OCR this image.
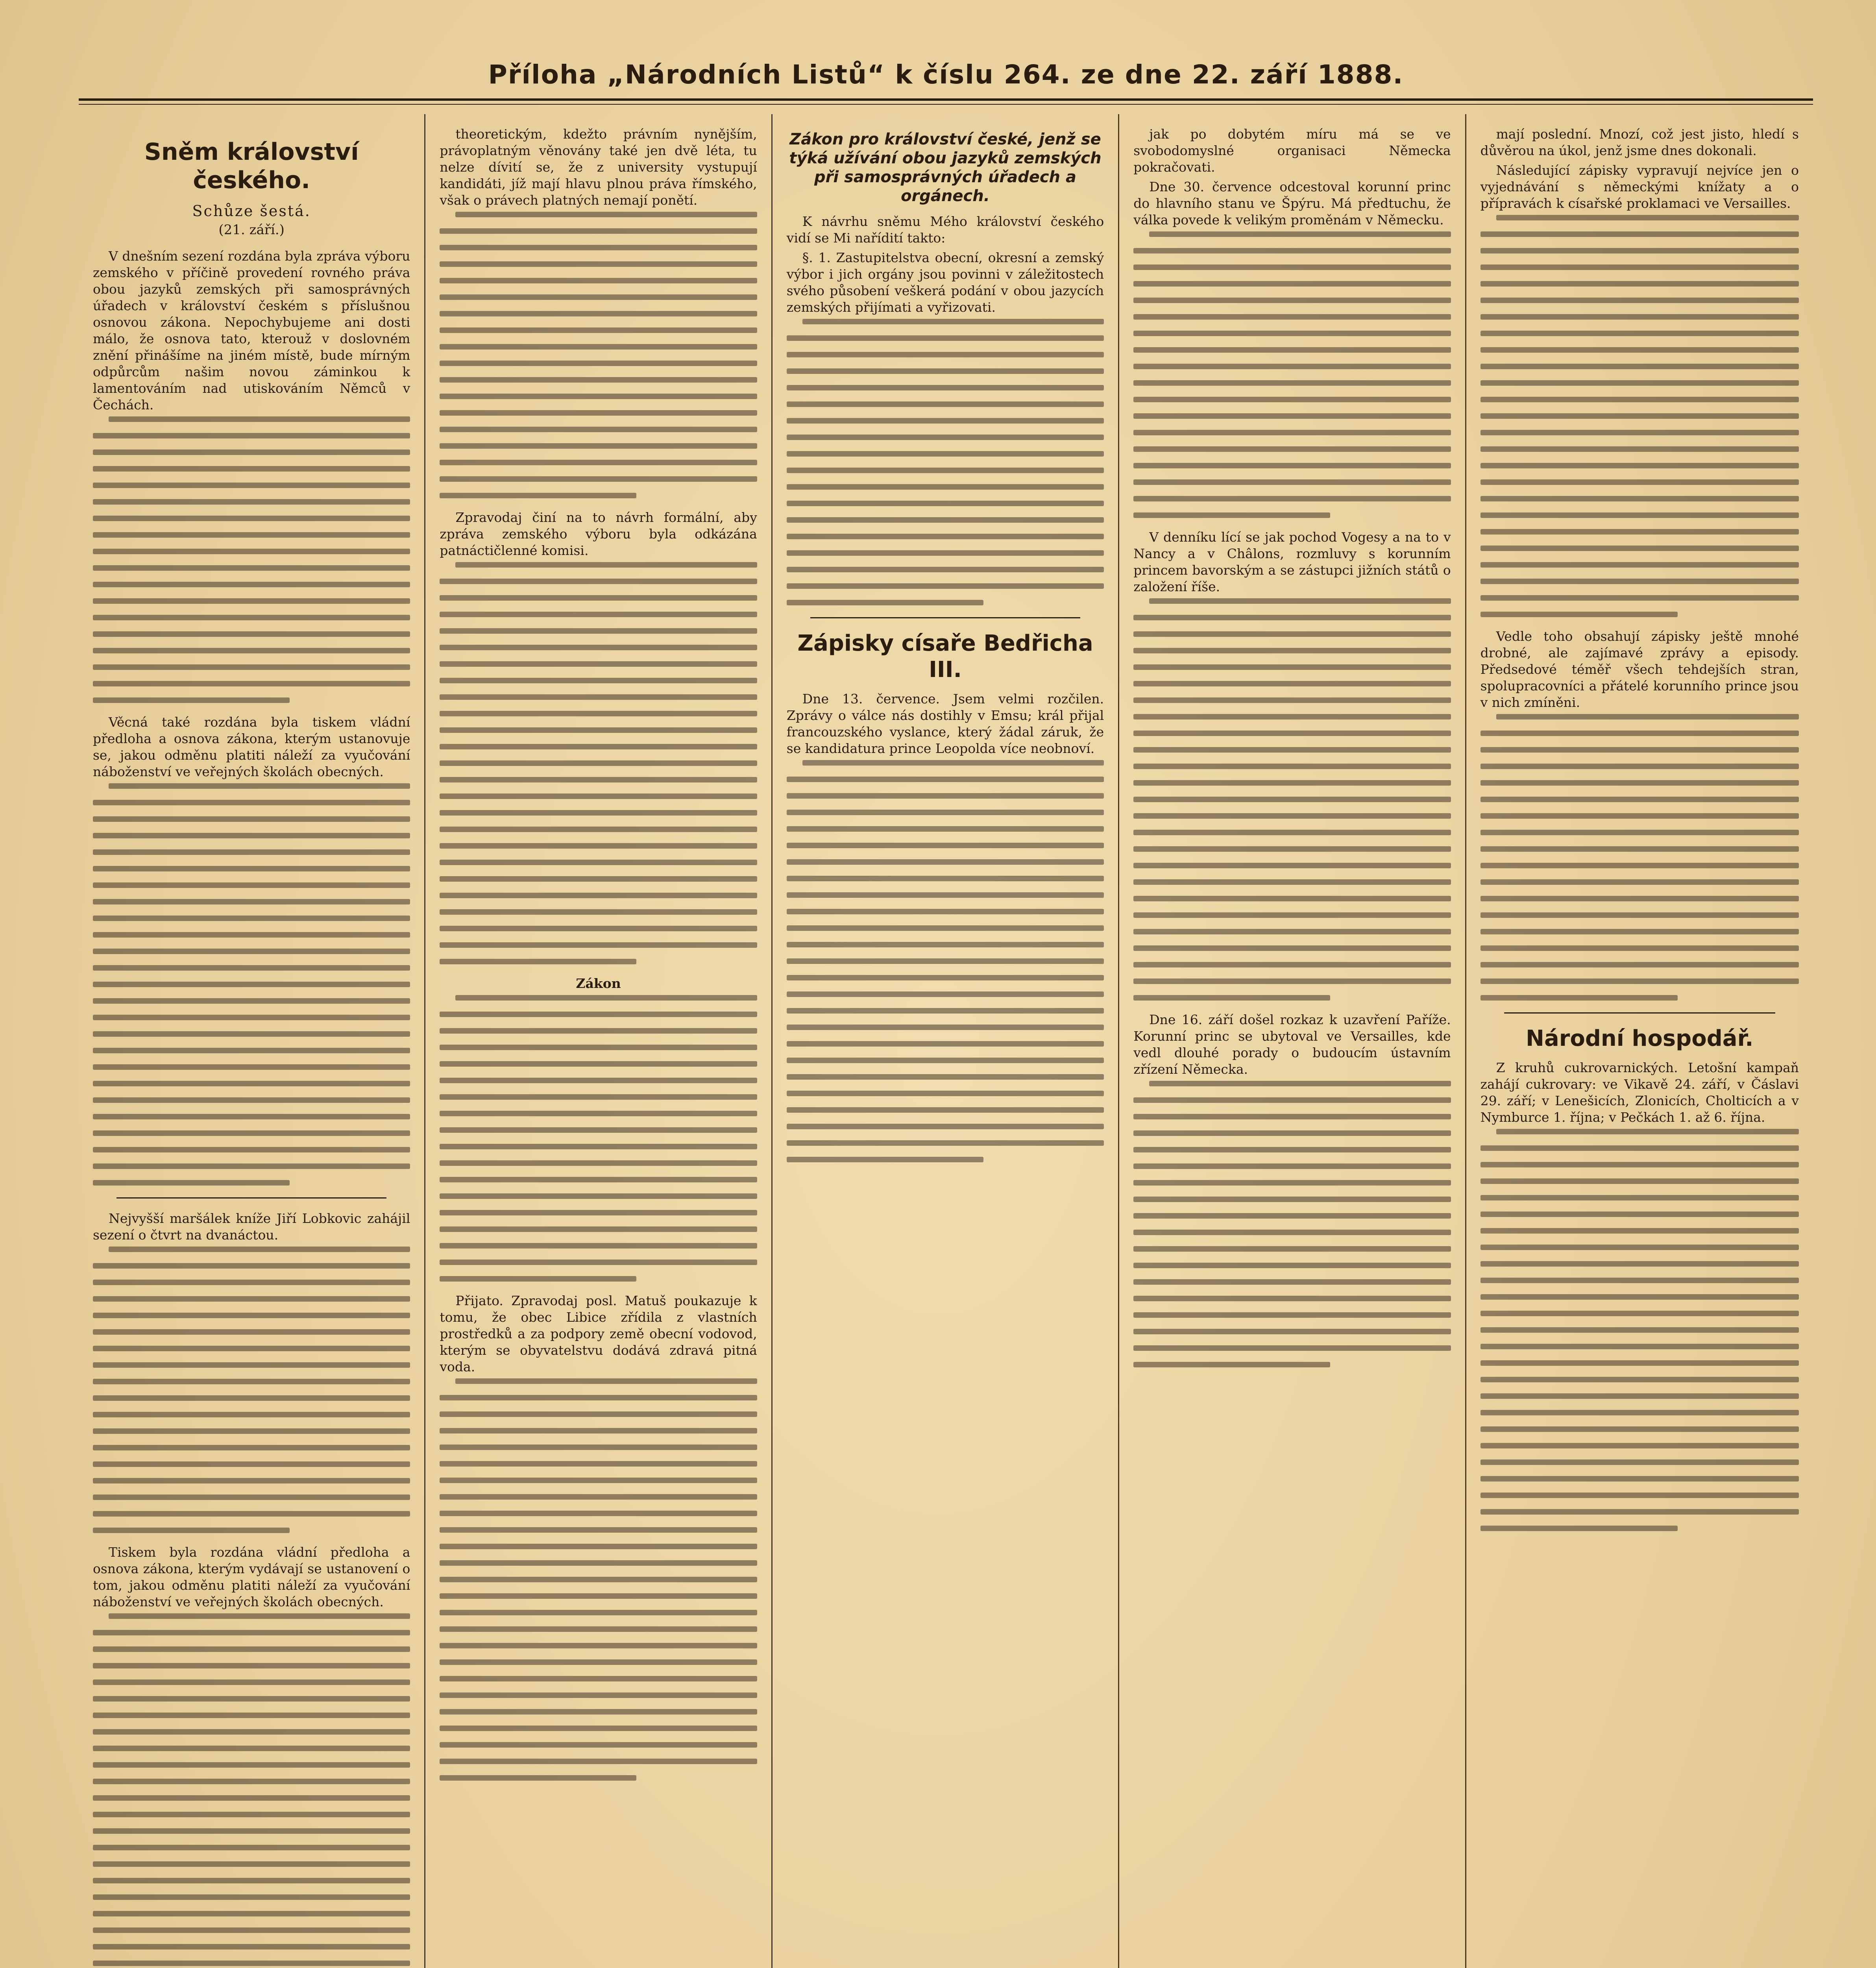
Příloha „Národních Listů“ k číslu 264. ze dne 22. září 1888.
Sněm království českého.
Schůze šestá.
(21. září.)

V dnešním sezení rozdána byla zpráva výboru zemského v příčině provedení rovného práva obou jazyků zemských při samosprávných úřadech v království českém s příslušnou osnovou zákona. Nepochybujeme ani dosti málo, že osnova tato, kterouž v doslovném znění přinášíme na jiném místě, bude mírným odpůrcům našim novou záminkou k lamentováním nad utiskováním Němců v Čechách.

Věcná také rozdána byla tiskem vládní předloha a osnova zákona, kterým ustanovuje se, jakou odměnu platiti náleží za vyučování náboženství ve veřejných školách obecných.

Nejvyšší maršálek kníže Jiří Lobkovic zahájil sezení o čtvrt na dvanáctou.

Tiskem byla rozdána vládní předloha a osnova zákona, kterým vydávají se ustanovení o tom, jakou odměnu platiti náleží za vyučování náboženství ve veřejných školách obecných.

theoretickým, kdežto právním nynějším, právoplatným věnovány také jen dvě léta, tu nelze dívití se, že z university vystupují kandidáti, jíž mají hlavu plnou práva římského, však o právech platných nemají ponětí.

Zpravodaj činí na to návrh formální, aby zpráva zemského výboru byla odkázána patnáctičlenné komisi.

Zákon

Přijato. Zpravodaj posl. Matuš poukazuje k tomu, že obec Libice zřídila z vlastních prostředků a za podpory země obecní vodovod, kterým se obyvatelstvu dodává zdravá pitná voda.

Zákon pro království české, jenž se týká užívání obou jazyků zemských při samosprávných úřadech a orgánech.

K návrhu sněmu Mého království českého vidí se Mi nařídití takto:

§. 1. Zastupitelstva obecní, okresní a zemský výbor i jich orgány jsou povinni v záležitostech svého působení veškerá podání v obou jazycích zemských přijímati a vyřizovati.

Zápisky císaře Bedřicha III.

Dne 13. července. Jsem velmi rozčilen. Zprávy o válce nás dostihly v Emsu; král přijal francouzského vyslance, který žádal záruk, že se kandidatura prince Leopolda více neobnoví.

jak po dobytém míru má se ve svobodomyslné organisaci Německa pokračovati.

Dne 30. července odcestoval korunní princ do hlavního stanu ve Špýru. Má předtuchu, že válka povede k velikým proměnám v Německu.

V denníku lící se jak pochod Vogesy a na to v Nancy a v Châlons, rozmluvy s korunním princem bavorským a se zástupci jižních států o založení říše.

Dne 16. září došel rozkaz k uzavření Paříže. Korunní princ se ubytoval ve Versailles, kde vedl dlouhé porady o budoucím ústavním zřízení Německa.

mají poslední. Mnozí, což jest jisto, hledí s důvěrou na úkol, jenž jsme dnes dokonali.

Následující zápisky vypravují nejvíce jen o vyjednávání s německými knížaty a o přípravách k císařské proklamaci ve Versailles.

Vedle toho obsahují zápisky ještě mnohé drobné, ale zajímavé zprávy a episody. Předsedové téměř všech tehdejších stran, spolupracovníci a přátelé korunního prince jsou v nich zmíněni.

Národní hospodář.

Z kruhů cukrovarnických. Letošní kampaň zahájí cukrovary: ve Vikavě 24. září, v Čáslavi 29. září; v Lenešicích, Zlonicích, Cholticích a v Nymburce 1. října; v Pečkách 1. až 6. října.
